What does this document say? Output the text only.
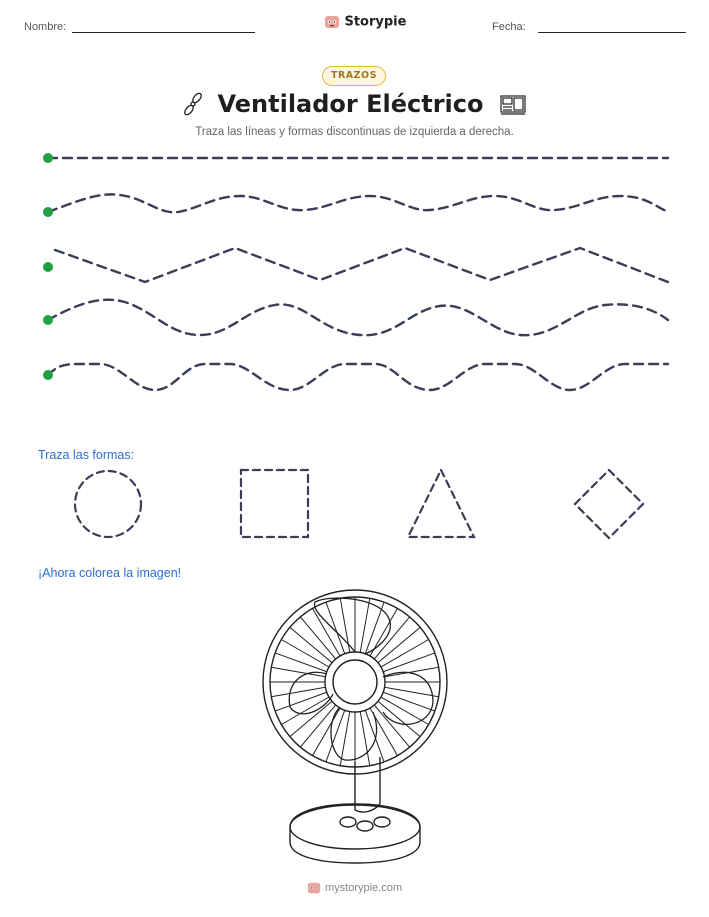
Nombre:	Storypie	Fecha:
TRAZOS
Ventilador Eléctrico
Traza las líneas y formas discontinuas de izquierda a derecha.
Traza las formas:
¡Ahora colorea la imagen!
mystorypie.com
